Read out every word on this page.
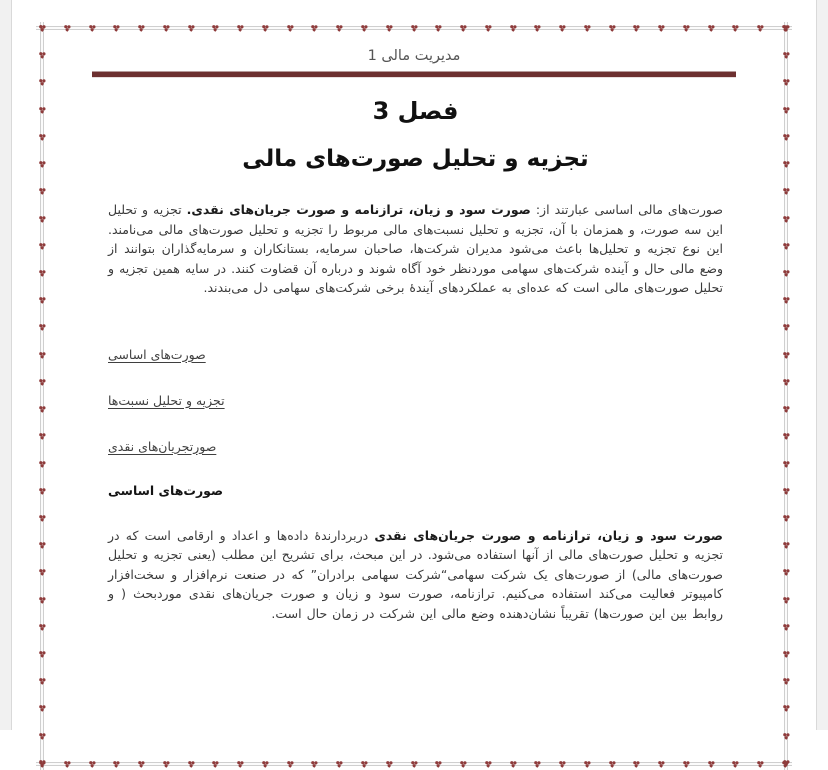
مدیریت مالی 1
فصل 3
تجزیه و تحلیل صورت‌های مالی

صورت‌های مالی اساسی عبارتند از: صورت سود و زیان، ترازنامه و صورت جریان‌های نقدی. تجزیه و تحلیل این سه صورت، و همزمان با آن، تجزیه و تحلیل نسبت‌های مالی مربوط را تجزیه و تحلیل صورت‌های مالی می‌نامند. این نوع تجزیه و تحلیل‌ها باعث می‌شود مدیران شرکت‌ها، صاحبان سرمایه، بستانکاران و سرمایه‌گذاران بتوانند از وضع مالی حال و آینده شرکت‌های سهامی موردنظر خود آگاه شوند و درباره آن قضاوت کنند. در سایه همین تجزیه و تحلیل صورت‌های مالی است که عده‌ای به عملکردهای آینده‌ٔ برخی شرکت‌های سهامی دل می‌بندند.

صورت‌های اساسی
تجزیه و تحلیل نسبت‌ها
صورتجریان‌های نقدی
صورت‌های اساسی

صورت سود و زیان، ترازنامه و صورت جریان‌های نقدی دربردارنده‌ٔ داده‌ها و اعداد و ارقامی است که در تجزیه و تحلیل صورت‌های مالی از آنها استفاده می‌شود. در این مبحث، برای تشریح این مطلب (یعنی تجزیه و تحلیل صورت‌های مالی) از صورت‌های یک شرکت سهامی“شرکت سهامی برادران” که در صنعت نرم‌افزار و سخت‌افزار کامپیوتر فعالیت می‌کند استفاده می‌کنیم. ترازنامه، صورت سود و زیان و صورت جریان‌های نقدی موردبحث ( و روابط بین این صورت‌ها) تقریباً نشان‌دهنده وضع مالی این شرکت در زمان حال است.
